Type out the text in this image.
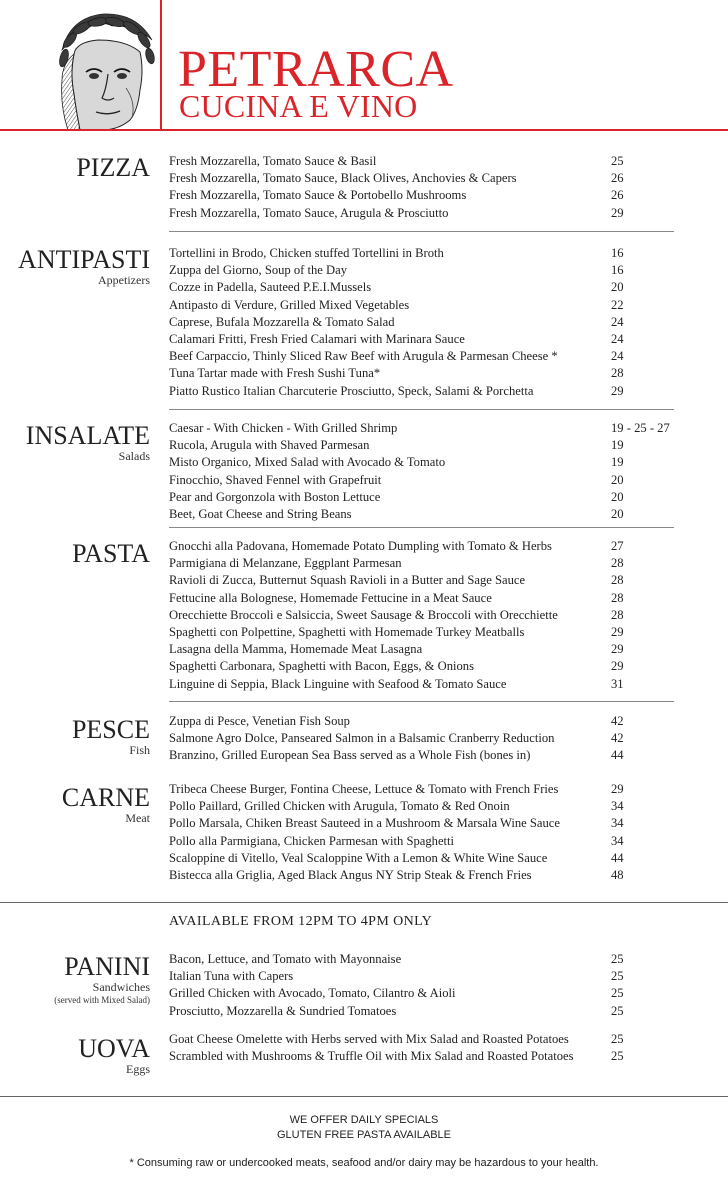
PETRARCA
CUCINA E VINO
PIZZA Fresh Mozzarella, Tomato Sauce & Basil	25
Fresh Mozzarella, Tomato Sauce, Black Olives, Anchovies & Capers	26
Fresh Mozzarella, Tomato Sauce & Portobello Mushrooms	26
Fresh Mozzarella, Tomato Sauce, Arugula & Prosciutto	29
ANTIPASTI
Appetizers
Tortellini in Brodo, Chicken stuffed Tortellini in Broth	16
Zuppa del Giorno, Soup of the Day	16
Cozze in Padella, Sauteed P.E.I.Mussels	20
Antipasto di Verdure, Grilled Mixed Vegetables	22
Caprese, Bufala Mozzarella & Tomato Salad	24
Calamari Fritti, Fresh Fried Calamari with Marinara Sauce	24
Beef Carpaccio, Thinly Sliced Raw Beef with Arugula & Parmesan Cheese *	24
Tuna Tartar made with Fresh Sushi Tuna*	28
Piatto Rustico Italian Charcuterie Prosciutto, Speck, Salami & Porchetta	29
INSALATE
Salads
Caesar - With Chicken - With Grilled Shrimp	19 - 25 - 27
Rucola, Arugula with Shaved Parmesan	19
Misto Organico, Mixed Salad with Avocado & Tomato	19
Finocchio, Shaved Fennel with Grapefruit	20
Pear and Gorgonzola with Boston Lettuce	20
Beet, Goat Cheese and String Beans	20
PASTA Gnocchi alla Padovana, Homemade Potato Dumpling with Tomato & Herbs	27
Parmigiana di Melanzane, Eggplant Parmesan	28
Ravioli di Zucca, Butternut Squash Ravioli in a Butter and Sage Sauce	28
Fettucine alla Bolognese, Homemade Fettucine in a Meat Sauce	28
Orecchiette Broccoli e Salsiccia, Sweet Sausage & Broccoli with Orecchiette	28
Spaghetti con Polpettine, Spaghetti with Homemade Turkey Meatballs	29
Lasagna della Mamma, Homemade Meat Lasagna	29
Spaghetti Carbonara, Spaghetti with Bacon, Eggs, & Onions	29
Linguine di Seppia, Black Linguine with Seafood & Tomato Sauce	31
PESCE
Fish
Zuppa di Pesce, Venetian Fish Soup	42
Salmone Agro Dolce, Panseared Salmon in a Balsamic Cranberry Reduction	42
Branzino, Grilled European Sea Bass served as a Whole Fish (bones in)	44
CARNE
Meat
Tribeca Cheese Burger, Fontina Cheese, Lettuce & Tomato with French Fries	29
Pollo Paillard, Grilled Chicken with Arugula, Tomato & Red Onoin	34
Pollo Marsala, Chiken Breast Sauteed in a Mushroom & Marsala Wine Sauce	34
Pollo alla Parmigiana, Chicken Parmesan with Spaghetti	34
Scaloppine di Vitello, Veal Scaloppine With a Lemon & White Wine Sauce	44
Bistecca alla Griglia, Aged Black Angus NY Strip Steak & French Fries	48
AVAILABLE FROM 12PM TO 4PM ONLY
PANINI
Sandwiches
(served with Mixed Salad)
Bacon, Lettuce, and Tomato with Mayonnaise	25
Italian Tuna with Capers	25
Grilled Chicken with Avocado, Tomato, Cilantro & Aioli	25
Prosciutto, Mozzarella & Sundried Tomatoes	25
UOVA
Eggs
Goat Cheese Omelette with Herbs served with Mix Salad and Roasted Potatoes	25
Scrambled with Mushrooms & Truffle Oil with Mix Salad and Roasted Potatoes	25
WE OFFER DAILY SPECIALS
GLUTEN FREE PASTA AVAILABLE
* Consuming raw or undercooked meats, seafood and/or dairy may be hazardous to your health.
